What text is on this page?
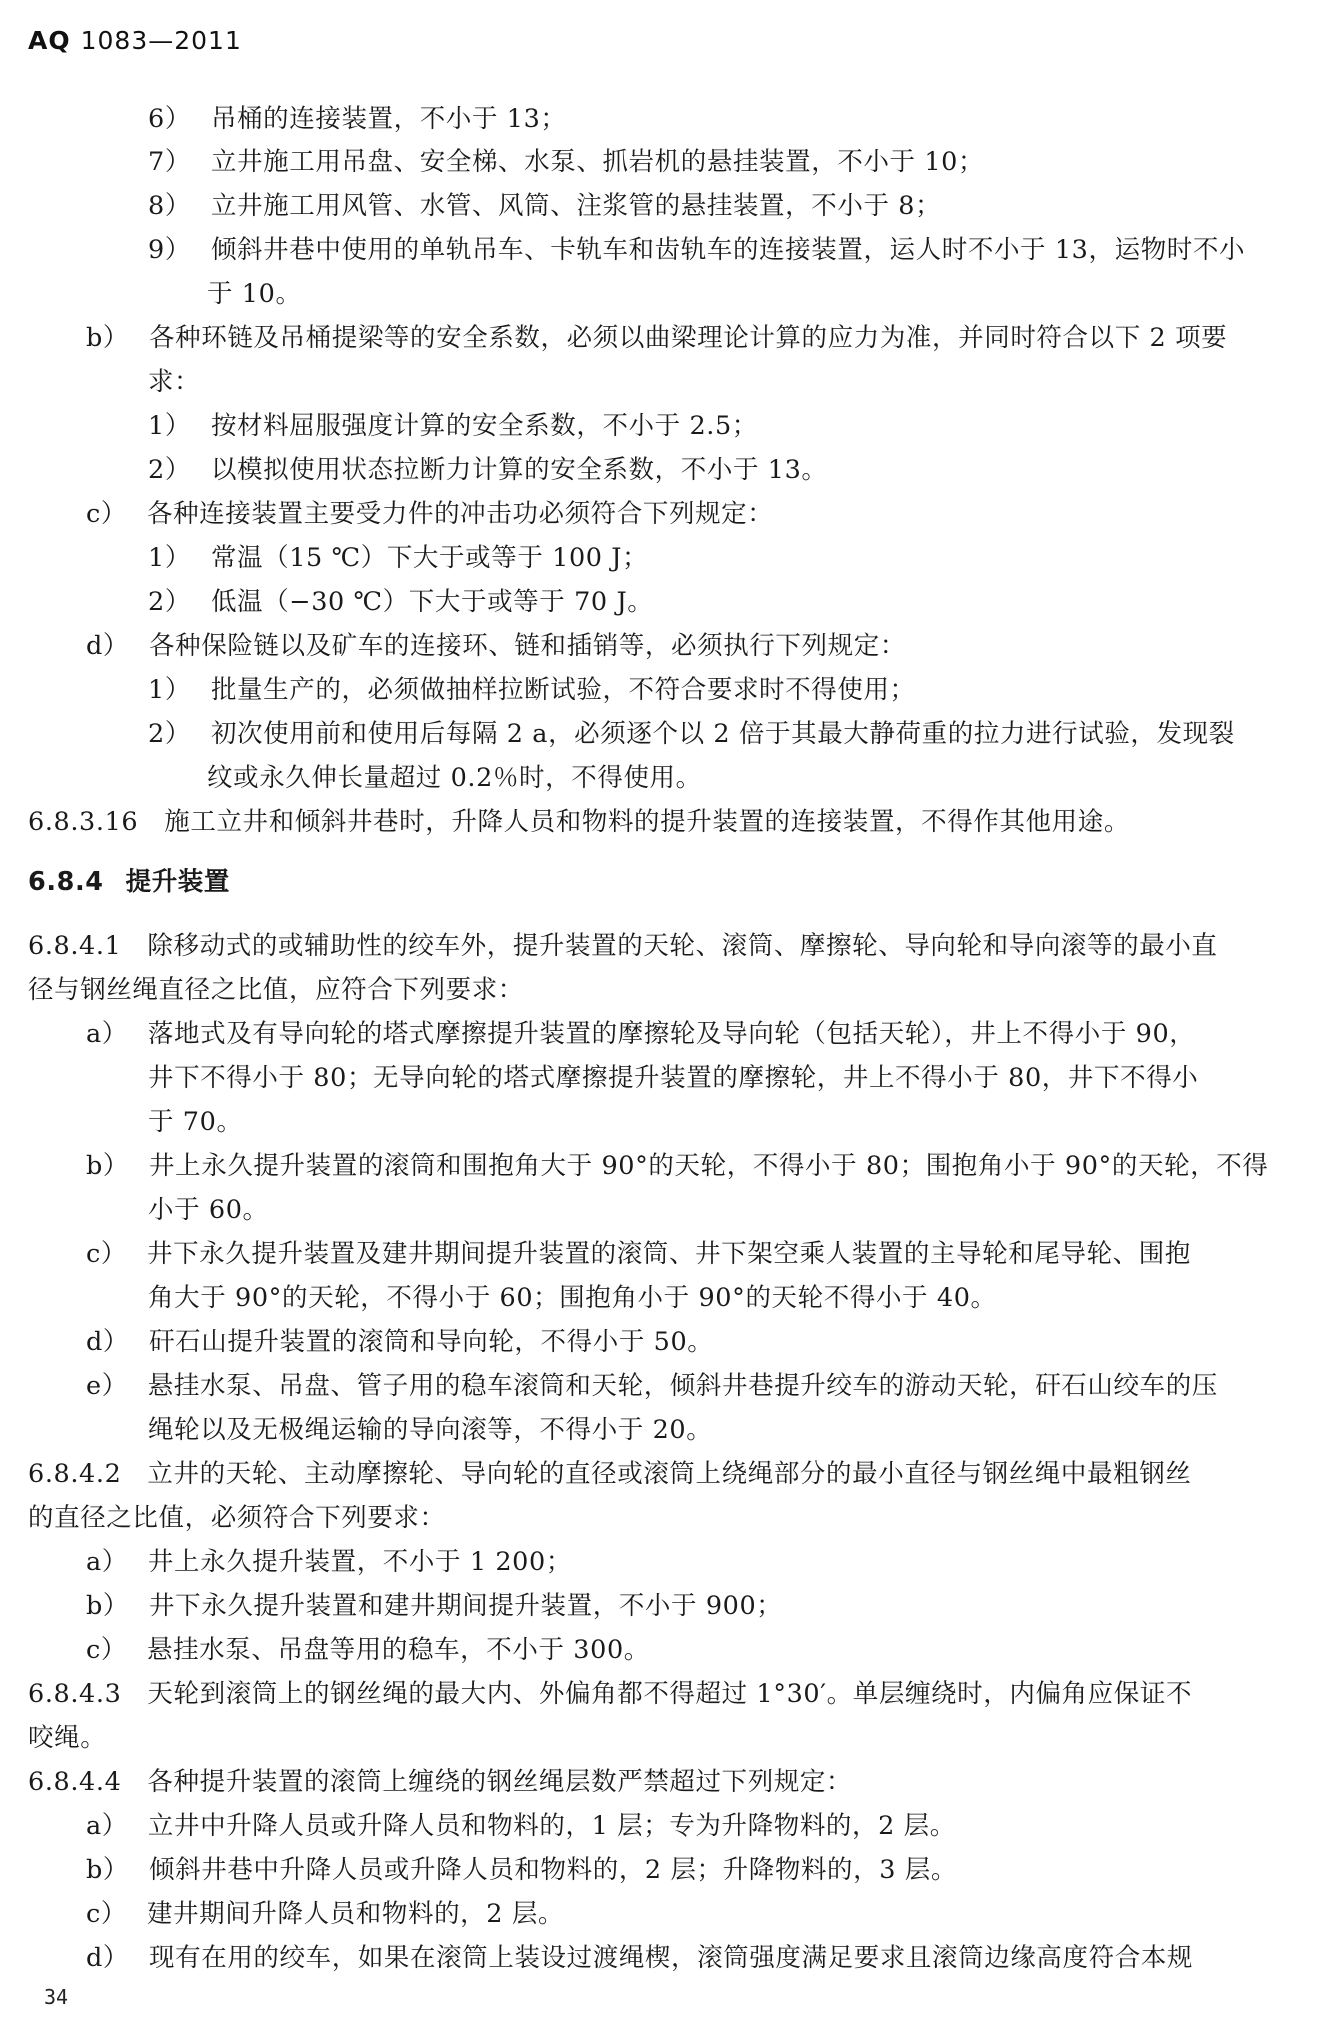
AQ 1083—2011
6） 吊桶的连接装置，不小于 13；
7） 立井施工用吊盘、安全梯、水泵、抓岩机的悬挂装置，不小于 10；
8） 立井施工用风管、水管、风筒、注浆管的悬挂装置，不小于 8；
9） 倾斜井巷中使用的单轨吊车、卡轨车和齿轨车的连接装置，运人时不小于 13，运物时不小
于 10。
b） 各种环链及吊桶提梁等的安全系数，必须以曲梁理论计算的应力为准，并同时符合以下 2 项要
求：
1） 按材料屈服强度计算的安全系数，不小于 2.5；
2） 以模拟使用状态拉断力计算的安全系数，不小于 13。
c） 各种连接装置主要受力件的冲击功必须符合下列规定：
1） 常温（15 ℃）下大于或等于 100 J；
2） 低温（−30 ℃）下大于或等于 70 J。
d） 各种保险链以及矿车的连接环、链和插销等，必须执行下列规定：
1） 批量生产的，必须做抽样拉断试验，不符合要求时不得使用；
2） 初次使用前和使用后每隔 2 a，必须逐个以 2 倍于其最大静荷重的拉力进行试验，发现裂
纹或永久伸长量超过 0.2％时，不得使用。
6.8.3.16 施工立井和倾斜井巷时，升降人员和物料的提升装置的连接装置，不得作其他用途。
6.8.4 提升装置
6.8.4.1 除移动式的或辅助性的绞车外，提升装置的天轮、滚筒、摩擦轮、导向轮和导向滚等的最小直
径与钢丝绳直径之比值，应符合下列要求：
a） 落地式及有导向轮的塔式摩擦提升装置的摩擦轮及导向轮（包括天轮），井上不得小于 90，
井下不得小于 80；无导向轮的塔式摩擦提升装置的摩擦轮，井上不得小于 80，井下不得小
于 70。
b） 井上永久提升装置的滚筒和围抱角大于 90°的天轮，不得小于 80；围抱角小于 90°的天轮，不得
小于 60。
c） 井下永久提升装置及建井期间提升装置的滚筒、井下架空乘人装置的主导轮和尾导轮、围抱
角大于 90°的天轮，不得小于 60；围抱角小于 90°的天轮不得小于 40。
d） 矸石山提升装置的滚筒和导向轮，不得小于 50。
e） 悬挂水泵、吊盘、管子用的稳车滚筒和天轮，倾斜井巷提升绞车的游动天轮，矸石山绞车的压
绳轮以及无极绳运输的导向滚等，不得小于 20。
6.8.4.2 立井的天轮、主动摩擦轮、导向轮的直径或滚筒上绕绳部分的最小直径与钢丝绳中最粗钢丝
的直径之比值，必须符合下列要求：
a） 井上永久提升装置，不小于 1 200；
b） 井下永久提升装置和建井期间提升装置，不小于 900；
c） 悬挂水泵、吊盘等用的稳车，不小于 300。
6.8.4.3 天轮到滚筒上的钢丝绳的最大内、外偏角都不得超过 1°30′。单层缠绕时，内偏角应保证不
咬绳。
6.8.4.4 各种提升装置的滚筒上缠绕的钢丝绳层数严禁超过下列规定：
a） 立井中升降人员或升降人员和物料的，1 层；专为升降物料的，2 层。
b） 倾斜井巷中升降人员或升降人员和物料的，2 层；升降物料的，3 层。
c） 建井期间升降人员和物料的，2 层。
d） 现有在用的绞车，如果在滚筒上装设过渡绳楔，滚筒强度满足要求且滚筒边缘高度符合本规
34
